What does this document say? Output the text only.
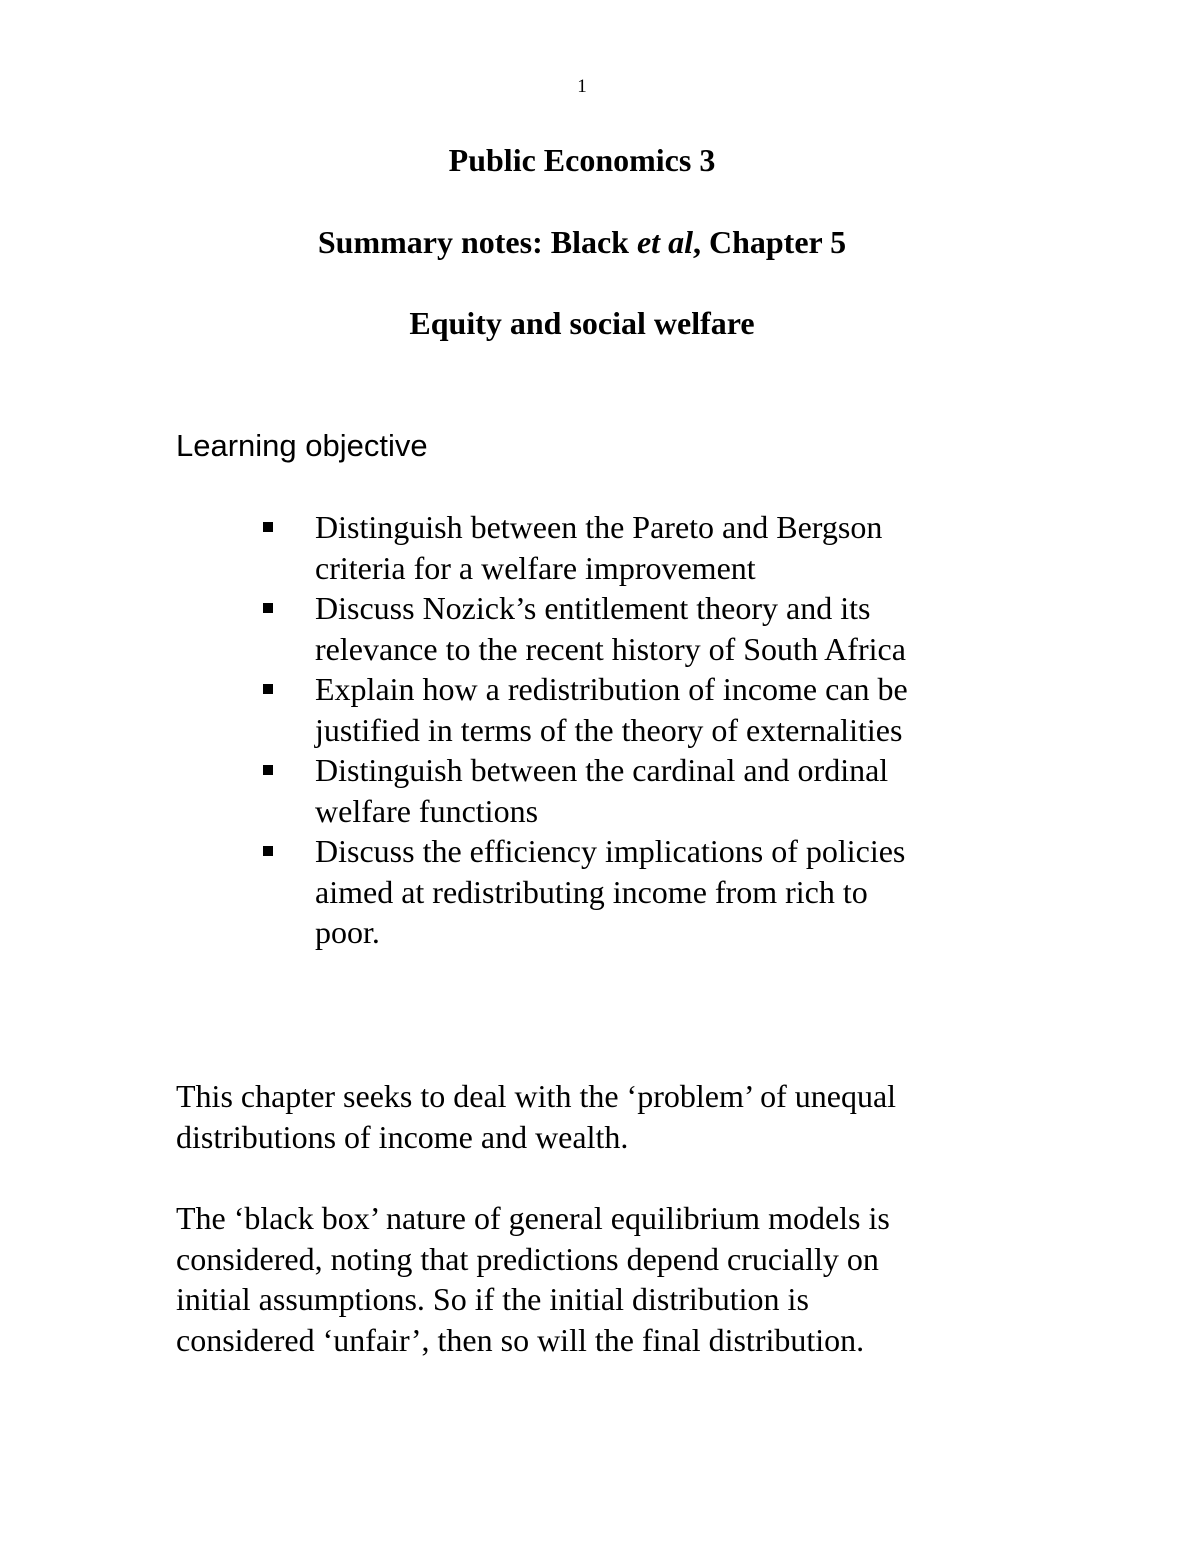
1
Public Economics 3
Summary notes: Black et al, Chapter 5
Equity and social welfare
Learning objective
Distinguish between the Pareto and Bergson
criteria for a welfare improvement
Discuss Nozick’s entitlement theory and its
relevance to the recent history of South Africa
Explain how a redistribution of income can be
justified in terms of the theory of externalities
Distinguish between the cardinal and ordinal
welfare functions
Discuss the efficiency implications of policies
aimed at redistributing income from rich to
poor.
This chapter seeks to deal with the ‘problem’ of unequal
distributions of income and wealth.
The ‘black box’ nature of general equilibrium models is
considered, noting that predictions depend crucially on
initial assumptions. So if the initial distribution is
considered ‘unfair’, then so will the final distribution.
